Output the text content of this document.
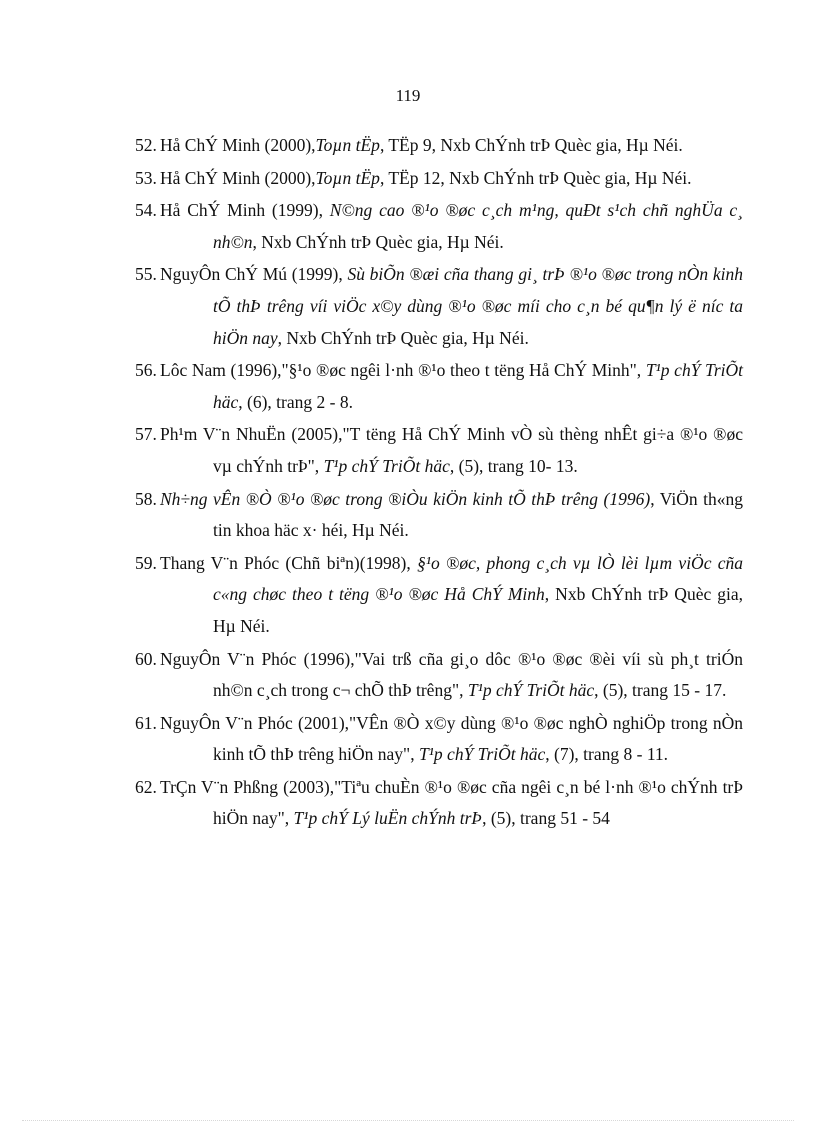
119
52. Hå ChÝ Minh (2000),Toµn tËp, TËp 9, Nxb ChÝnh trÞ Quèc gia, Hµ Néi.
53. Hå ChÝ Minh (2000),Toµn tËp, TËp 12, Nxb ChÝnh trÞ Quèc gia, Hµ Néi.
54. Hå ChÝ Minh (1999), N©ng cao ®¹o ®øc c¸ch m¹ng, quÐt s¹ch chñ nghÜa c¸ nh©n, Nxb ChÝnh trÞ Quèc gia, Hµ Néi.
55. NguyÔn ChÝ Mú (1999), Sù biÕn ®æi cña thang gi¸ trÞ ®¹o ®øc trong nÒn kinh tÕ thÞ trêng víi viÖc x©y dùng ®¹o ®øc míi cho c¸n bé qu¶n lý ë níc ta hiÖn nay, Nxb ChÝnh trÞ Quèc gia, Hµ Néi.
56. Lôc Nam (1996),"§¹o ®øc ngêi l·nh ®¹o theo t tëng Hå ChÝ Minh", T¹p chÝ TriÕt häc, (6), trang 2 - 8.
57. Ph¹m V¨n NhuËn (2005),"T tëng Hå ChÝ Minh vÒ sù thèng nhÊt gi÷a ®¹o ®øc vµ chÝnh trÞ", T¹p chÝ TriÕt häc, (5), trang 10- 13.
58. Nh÷ng vÊn ®Ò ®¹o ®øc trong ®iÒu kiÖn kinh tÕ thÞ trêng (1996), ViÖn th«ng tin khoa häc x· héi, Hµ Néi.
59. Thang V¨n Phóc (Chñ biªn)(1998), §¹o ®øc, phong c¸ch vµ lÒ lèi lµm viÖc cña c«ng chøc theo t tëng ®¹o ®øc Hå ChÝ Minh, Nxb ChÝnh trÞ Quèc gia, Hµ Néi.
60. NguyÔn V¨n Phóc (1996),"Vai trß cña gi¸o dôc ®¹o ®øc ®èi víi sù ph¸t triÓn nh©n c¸ch trong c¬ chÕ thÞ trêng", T¹p chÝ TriÕt häc, (5), trang 15 - 17.
61. NguyÔn V¨n Phóc (2001),"VÊn ®Ò x©y dùng ®¹o ®øc nghÒ nghiÖp trong nÒn kinh tÕ thÞ trêng hiÖn nay", T¹p chÝ TriÕt häc, (7), trang 8 - 11.
62. TrÇn V¨n Phßng (2003),"Tiªu chuÈn ®¹o ®øc cña ngêi c¸n bé l·nh ®¹o chÝnh trÞ hiÖn nay", T¹p chÝ Lý luËn chÝnh trÞ, (5), trang 51 - 54
